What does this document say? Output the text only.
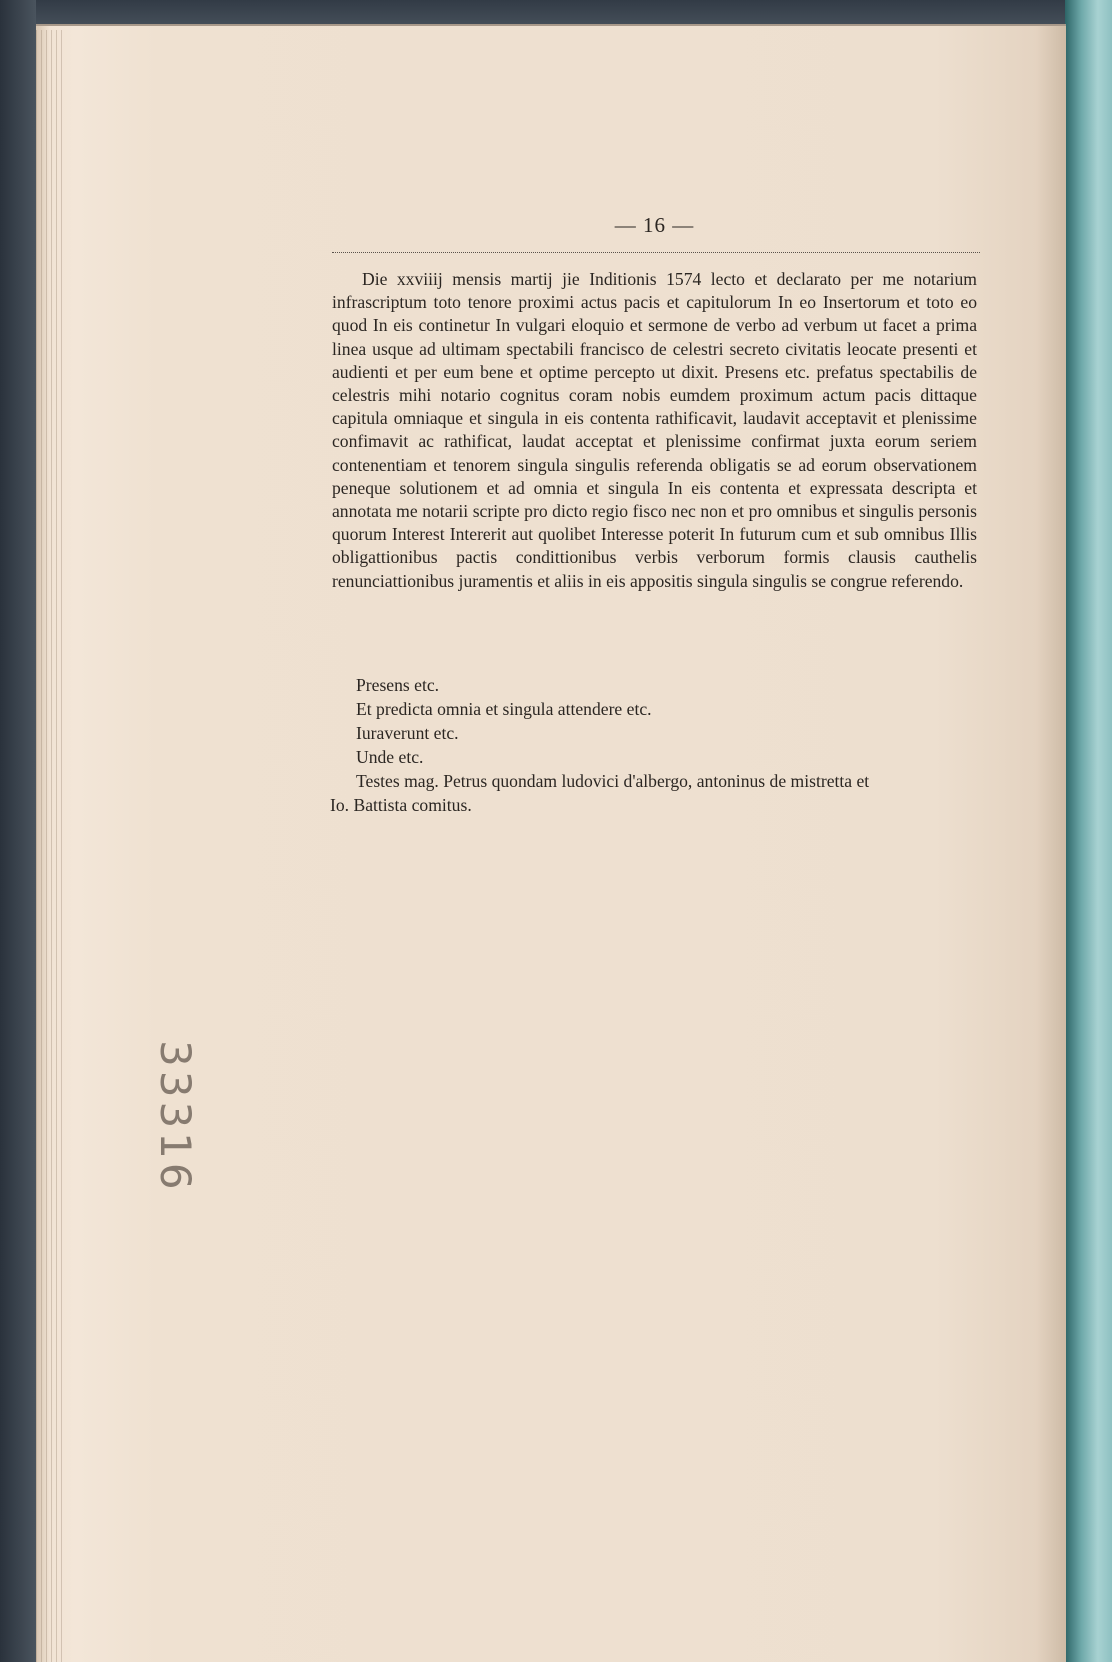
— 16 —

Die xxviiij mensis martij jie Inditionis 1574 lecto et declarato per me notarium infrascriptum toto tenore proximi actus pacis et capitulorum In eo Insertorum et toto eo quod In eis continetur In vulgari eloquio et sermone de verbo ad verbum ut facet a prima linea usque ad ultimam spectabili francisco de celestri secreto civitatis leocate presenti et audienti et per eum bene et optime percepto ut dixit. Presens etc. prefatus spectabilis de celestris mihi notario cognitus coram nobis eumdem proximum actum pacis dittaque capitula omniaque et singula in eis contenta rathificavit, laudavit acceptavit et plenissime confimavit ac rathificat, laudat acceptat et plenissime confirmat juxta eorum seriem contenentiam et tenorem singula singulis referenda obligatis se ad eorum observationem peneque solutionem et ad omnia et singula In eis contenta et expressata descripta et annotata me notarii scripte pro dicto regio fisco nec non et pro omnibus et singulis personis quorum Interest Intererit aut quolibet Interesse poterit In futurum cum et sub omnibus Illis obligattionibus pactis condittionibus verbis verborum formis clausis cauthelis renunciattionibus juramentis et aliis in eis appositis singula singulis se congrue referendo.

Presens etc.
Et predicta omnia et singula attendere etc.
Iuraverunt etc.
Unde etc.
Testes mag. Petrus quondam ludovici d'albergo, antoninus de mistretta et
Io. Battista comitus.
33316
